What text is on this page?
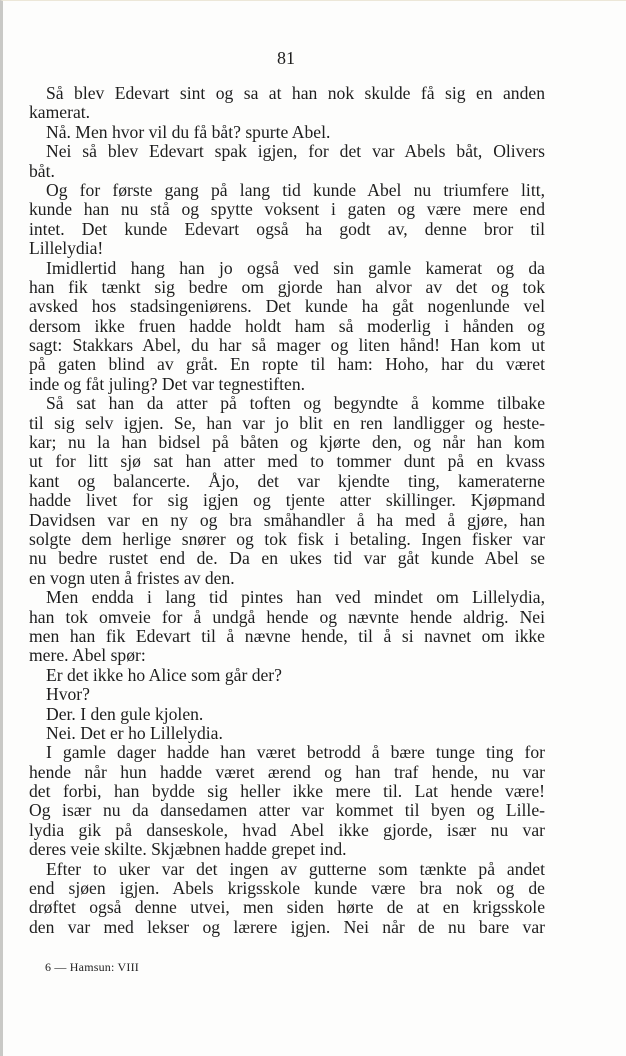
81
Så blev Edevart sint og sa at han nok skulde få sig en anden
kamerat.
Nå. Men hvor vil du få båt? spurte Abel.
Nei så blev Edevart spak igjen, for det var Abels båt, Olivers
båt.
Og for første gang på lang tid kunde Abel nu triumfere litt,
kunde han nu stå og spytte voksent i gaten og være mere end
intet. Det kunde Edevart også ha godt av, denne bror til
Lillelydia!
Imidlertid hang han jo også ved sin gamle kamerat og da
han fik tænkt sig bedre om gjorde han alvor av det og tok
avsked hos stadsingeniørens. Det kunde ha gåt nogenlunde vel
dersom ikke fruen hadde holdt ham så moderlig i hånden og
sagt: Stakkars Abel, du har så mager og liten hånd! Han kom ut
på gaten blind av gråt. En ropte til ham: Hoho, har du været
inde og fåt juling? Det var tegnestiften.
Så sat han da atter på toften og begyndte å komme tilbake
til sig selv igjen. Se, han var jo blit en ren landligger og heste-
kar; nu la han bidsel på båten og kjørte den, og når han kom
ut for litt sjø sat han atter med to tommer dunt på en kvass
kant og balancerte. Åjo, det var kjendte ting, kameraterne
hadde livet for sig igjen og tjente atter skillinger. Kjøpmand
Davidsen var en ny og bra småhandler å ha med å gjøre, han
solgte dem herlige snører og tok fisk i betaling. Ingen fisker var
nu bedre rustet end de. Da en ukes tid var gåt kunde Abel se
en vogn uten å fristes av den.
Men endda i lang tid pintes han ved mindet om Lillelydia,
han tok omveie for å undgå hende og nævnte hende aldrig. Nei
men han fik Edevart til å nævne hende, til å si navnet om ikke
mere. Abel spør:
Er det ikke ho Alice som går der?
Hvor?
Der. I den gule kjolen.
Nei. Det er ho Lillelydia.
I gamle dager hadde han været betrodd å bære tunge ting for
hende når hun hadde været ærend og han traf hende, nu var
det forbi, han bydde sig heller ikke mere til. Lat hende være!
Og især nu da dansedamen atter var kommet til byen og Lille-
lydia gik på danseskole, hvad Abel ikke gjorde, især nu var
deres veie skilte. Skjæbnen hadde grepet ind.
Efter to uker var det ingen av gutterne som tænkte på andet
end sjøen igjen. Abels krigsskole kunde være bra nok og de
drøftet også denne utvei, men siden hørte de at en krigsskole
den var med lekser og lærere igjen. Nei når de nu bare var
6 — Hamsun: VIII
